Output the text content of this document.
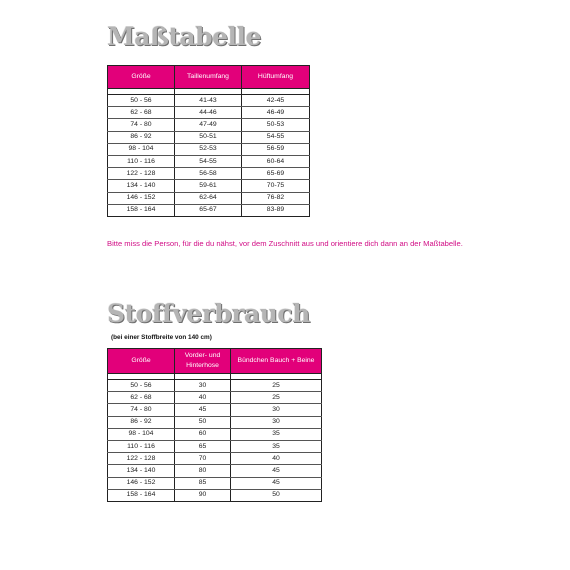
Maßtabelle
Größe	Taillenumfang	Hüftumfang

50 - 56	41-43	42-45
62 - 68	44-46	46-49
74 - 80	47-49	50-53
86 - 92	50-51	54-55
98 - 104	52-53	56-59
110 - 116	54-55	60-64
122 - 128	56-58	65-69
134 - 140	59-61	70-75
146 - 152	62-64	76-82
158 - 164	65-67	83-89
Bitte miss die Person, für die du nähst, vor dem Zuschnitt aus und orientiere dich dann an der Maßtabelle.
Stoffverbrauch
(bei einer Stoffbreite von 140 cm)
Größe	Vorder- und Hinterhose	Bündchen Bauch + Beine

50 - 56	30	25
62 - 68	40	25
74 - 80	45	30
86 - 92	50	30
98 - 104	60	35
110 - 116	65	35
122 - 128	70	40
134 - 140	80	45
146 - 152	85	45
158 - 164	90	50
